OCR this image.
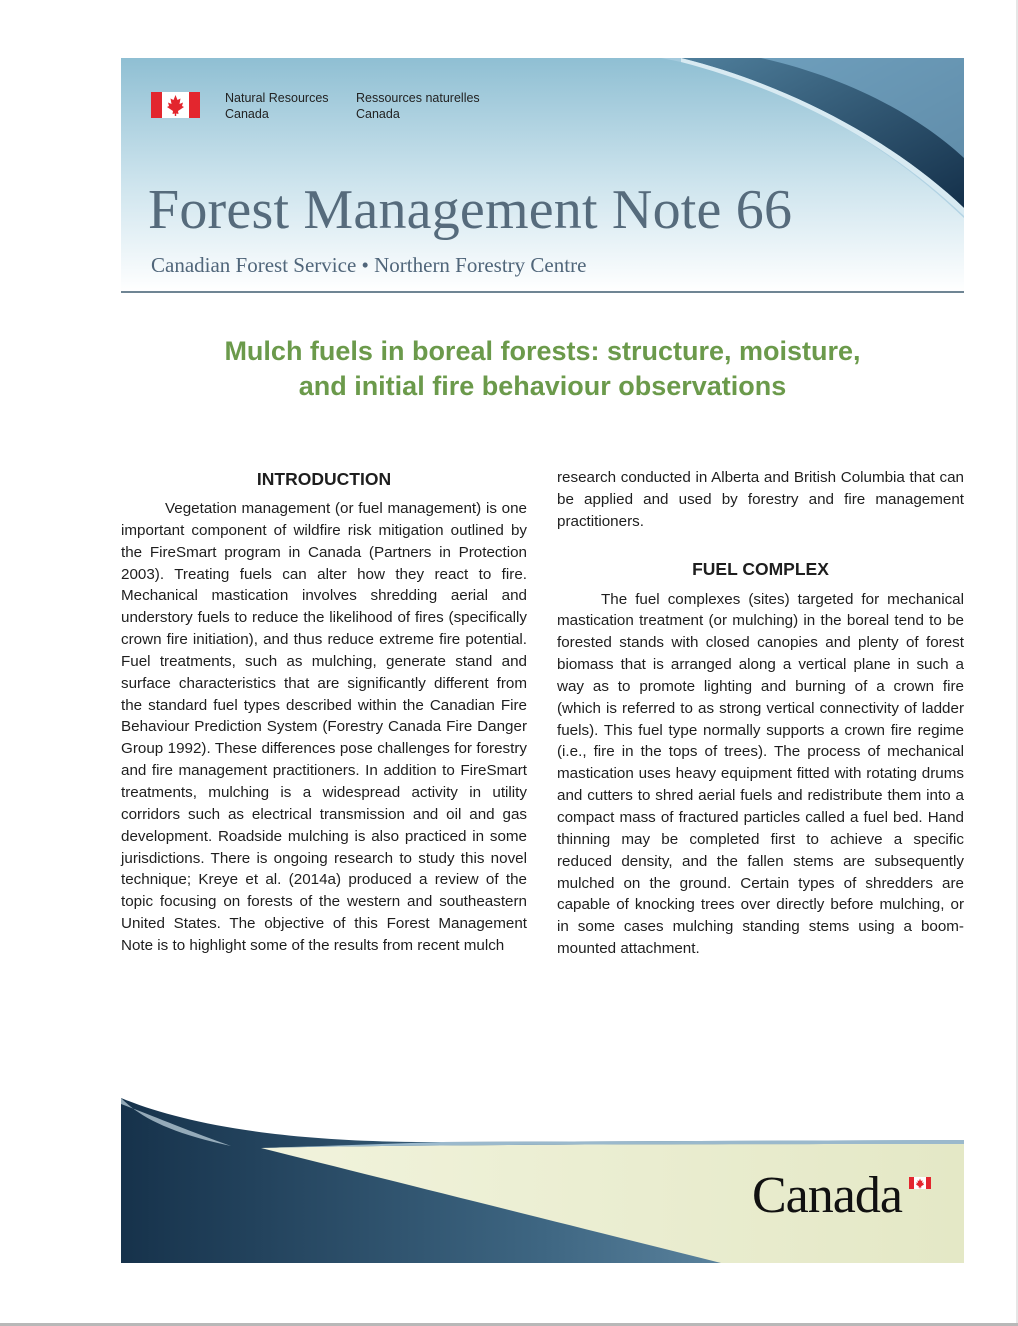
Natural Resources
Canada
Ressources naturelles
Canada
Forest Management Note 66
Canadian Forest Service • Northern Forestry Centre
Mulch fuels in boreal forests: structure, moisture,
and initial fire behaviour observations
INTRODUCTION

Vegetation management (or fuel management) is one important component of wildfire risk mitigation outlined by the FireSmart program in Canada (Partners in Protection 2003). Treating fuels can alter how they react to fire. Mechanical mastication involves shredding aerial and understory fuels to reduce the likelihood of fires (specifically crown fire initiation), and thus reduce extreme fire potential. Fuel treatments, such as mulching, generate stand and surface characteristics that are significantly different from the standard fuel types described within the Canadian Fire Behaviour Prediction System (Forestry Canada Fire Danger Group 1992). These differences pose challenges for forestry and fire management practitioners. In addition to FireSmart treatments, mulching is a widespread activity in utility corridors such as electrical transmission and oil and gas development. Roadside mulching is also practiced in some jurisdictions. There is ongoing research to study this novel technique; Kreye et al. (2014a) produced a review of the topic focusing on forests of the western and southeastern United States. The objective of this Forest Management Note is to highlight some of the results from recent mulch

research conducted in Alberta and British Columbia that can be applied and used by forestry and fire management practitioners.

FUEL COMPLEX

The fuel complexes (sites) targeted for mechanical mastication treatment (or mulching) in the boreal tend to be forested stands with closed canopies and plenty of forest biomass that is arranged along a vertical plane in such a way as to promote lighting and burning of a crown fire (which is referred to as strong vertical connectivity of ladder fuels). This fuel type normally supports a crown fire regime (i.e., fire in the tops of trees). The process of mechanical mastication uses heavy equipment fitted with rotating drums and cutters to shred aerial fuels and redistribute them into a compact mass of fractured particles called a fuel bed. Hand thinning may be completed first to achieve a specific reduced density, and the fallen stems are subsequently mulched on the ground. Certain types of shredders are capable of knocking trees over directly before mulching, or in some cases mulching standing stems using a boom-mounted attachment.

Canada
